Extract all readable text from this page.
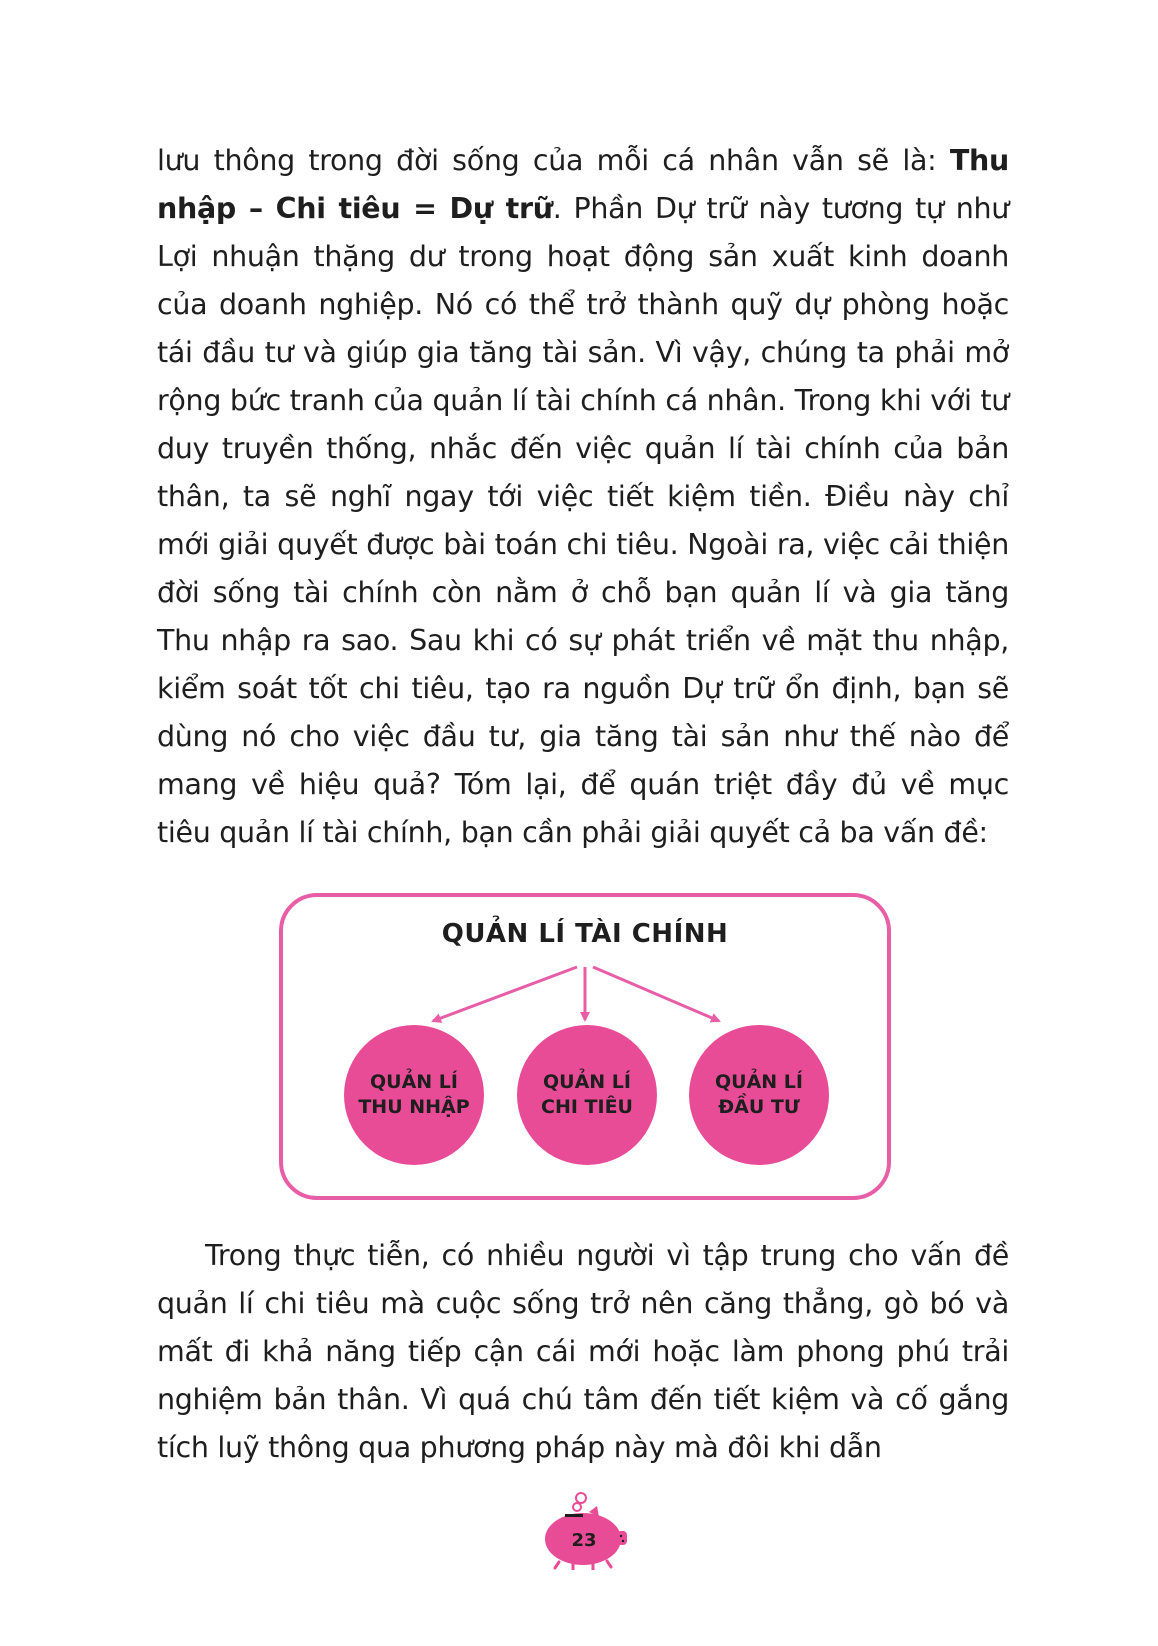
lưu thông trong đời sống của mỗi cá nhân vẫn sẽ là: Thu nhập – Chi tiêu = Dự trữ. Phần Dự trữ này tương tự như Lợi nhuận thặng dư trong hoạt động sản xuất kinh doanh của doanh nghiệp. Nó có thể trở thành quỹ dự phòng hoặc tái đầu tư và giúp gia tăng tài sản. Vì vậy, chúng ta phải mở rộng bức tranh của quản lí tài chính cá nhân. Trong khi với tư duy truyền thống, nhắc đến việc quản lí tài chính của bản thân, ta sẽ nghĩ ngay tới việc tiết kiệm tiền. Điều này chỉ mới giải quyết được bài toán chi tiêu. Ngoài ra, việc cải thiện đời sống tài chính còn nằm ở chỗ bạn quản lí và gia tăng Thu nhập ra sao. Sau khi có sự phát triển về mặt thu nhập, kiểm soát tốt chi tiêu, tạo ra nguồn Dự trữ ổn định, bạn sẽ dùng nó cho việc đầu tư, gia tăng tài sản như thế nào để mang về hiệu quả? Tóm lại, để quán triệt đầy đủ về mục tiêu quản lí tài chính, bạn cần phải giải quyết cả ba vấn đề:

QUẢN LÍ TÀI CHÍNH
QUẢN LÍ
THU NHẬP
QUẢN LÍ
CHI TIÊU
QUẢN LÍ
ĐẦU TƯ

Trong thực tiễn, có nhiều người vì tập trung cho vấn đề quản lí chi tiêu mà cuộc sống trở nên căng thẳng, gò bó và mất đi khả năng tiếp cận cái mới hoặc làm phong phú trải nghiệm bản thân. Vì quá chú tâm đến tiết kiệm và cố gắng tích luỹ thông qua phương pháp này mà đôi khi dẫn

23
